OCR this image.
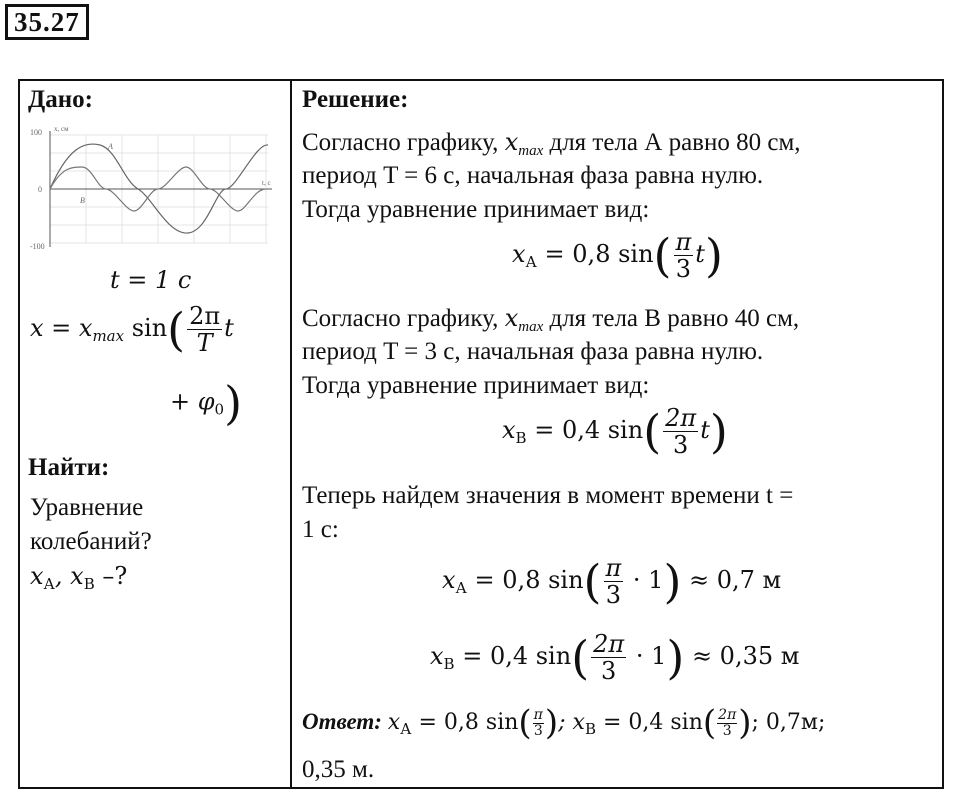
35.27
Дано:
100 x, см
0
-100
t, c
A
B
t = 1 с
$x = x_{max}$ $\sin( \frac{2\pi}{T}$ t
+ $\varphi_0$)
Найти:
Уравнение
колебаний?
$x_А$, $x_В$ –?
Решение:
Согласно графику, $x_{max}$ для тела А равно 80 см,
период T = 6 с, начальная фаза равна нулю.
Тогда уравнение принимает вид:
$x_А = 0,8$ $\sin( \frac{\pi}{3} t)$
Согласно графику, $x_{max}$ для тела В равно 40 см,
период T = 3 с, начальная фаза равна нулю.
Тогда уравнение принимает вид:
$x_В = 0,4$ $\sin( \frac{2\pi}{3} t)$
Теперь найдем значения в момент времени t =
1 с:
$x_А = 0,8$ $\sin( \frac{\pi}{3} \cdot 1) \approx 0,7$ м
$x_В = 0,4$ $\sin( \frac{2\pi}{3} \cdot 1) \approx 0,35$ м
Ответ: $x_А = 0,8$ $\sin( \frac{\pi}{3}$ ); $x_В = 0,4$ $\sin( \frac{2\pi}{3}$ ); 0,7м;
0,35 м.
